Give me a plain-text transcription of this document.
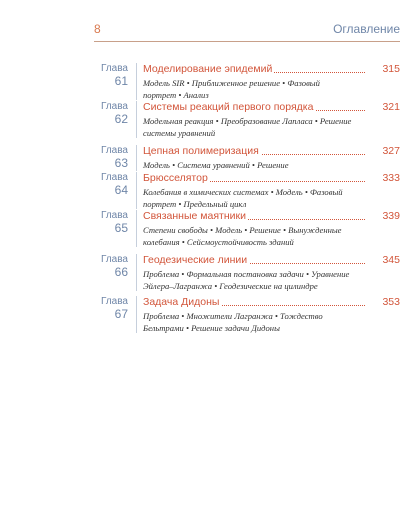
8	Оглавление
Глава
61
Моделирование эпидемий	315
Модель SIR • Приближенное решение • Фазовый
портрет • Анализ
Глава
62
Системы реакций первого порядка	321
Модельная реакция • Преобразование Лапласа • Решение
системы уравнений
Глава
63
Цепная полимеризация	327
Модель • Система уравнений • Решение
Глава
64
Брюсселятор	333
Колебания в химических системах • Модель • Фазовый
портрет • Предельный цикл
Глава
65
Связанные маятники	339
Степени свободы • Модель • Решение • Вынужденные
колебания • Сейсмоустойчивость зданий
Глава
66
Геодезические линии	345
Проблема • Формальная постановка задачи • Уравнение
Эйлера–Лагранжа • Геодезические на цилиндре
Глава
67
Задача Дидоны	353
Проблема • Множители Лагранжа • Тождество
Бельтрами • Решение задачи Дидоны
